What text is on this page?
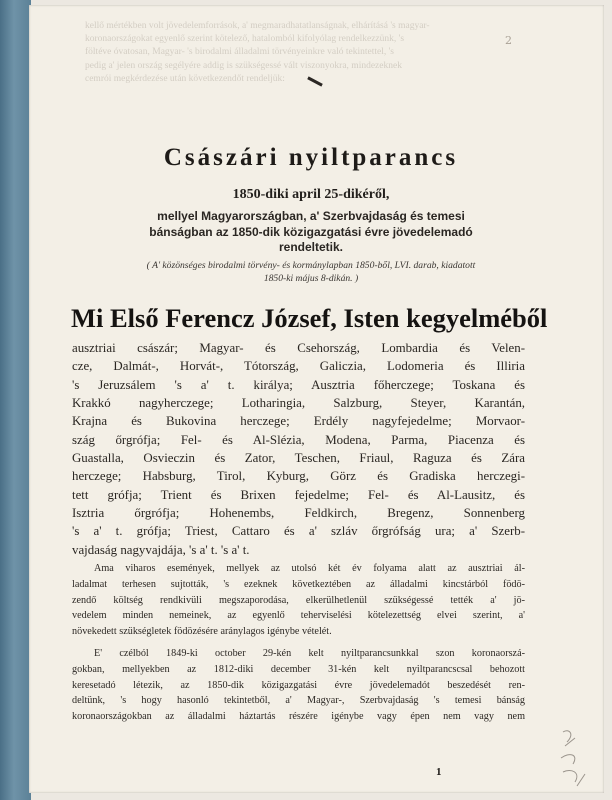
kellő mértékben volt jövedelemforrások, a' megmaradhatatlanságnak, elhárításá 's magyar-
koronaországokat egyenlő szerint kötelező, hatalomból kifolyólag rendelkezzünk, 's
föltéve óvatosan, Magyar- 's birodalmi álladalmi törvényeinkre való tekintettel, 's
pedig a' jelen ország segélyére addig is szükségessé vált viszonyokra, mindezeknek
cemrói megkérdezése után következendőt rendeljük:
2
Császári nyiltparancs
1850-diki april 25-dikéről,
mellyel Magyarországban, a' Szerbvajdaság és temesi
bánságban az 1850-dik közigazgatási évre jövedelemadó
rendeltetik.
( A' közönséges birodalmi törvény- és kormánylapban 1850-ből, LVI. darab, kiadatott
1850-ki május 8-dikán. )
Mi Első Ferencz József, Isten kegyelméből
ausztriai császár; Magyar- és Csehország, Lombardia és Velen-
cze, Dalmát-, Horvát-, Tótország, Galiczia, Lodomeria és Illiria
's Jeruzsálem 's a' t. királya; Ausztria főherczege; Toskana és
Krakkó nagyherczege; Lotharingia, Salzburg, Steyer, Karantán,
Krajna és Bukovina herczege; Erdély nagyfejedelme; Morvaor-
szág őrgrófja; Fel- és Al-Slézia, Modena, Parma, Piacenza és
Guastalla, Osvieczin és Zator, Teschen, Friaul, Raguza és Zára
herczege; Habsburg, Tirol, Kyburg, Görz és Gradiska herczegi-
tett grófja; Trient és Brixen fejedelme; Fel- és Al-Lausitz, és
Isztria őrgrófja; Hohenembs, Feldkirch, Bregenz, Sonnenberg
's a' t. grófja; Triest, Cattaro és a' szláv őrgrófság ura; a' Szerb-
vajdaság nagyvajdája, 's a' t. 's a' t.
Ama viharos események, mellyek az utolsó két év folyama alatt az ausztriai ál-
ladalmat terhesen sujtották, 's ezeknek következtében az álladalmi kincstárból födö-
zendő költség rendkivüli megszaporodása, elkerülhetlenül szükségessé tették a' jö-
vedelem minden nemeinek, az egyenlő teherviselési kötelezettség elvei szerint, a'
növekedett szükségletek födözésére aránylagos igénybe vételét.
E' czélból 1849-ki october 29-kén kelt nyiltparancsunkkal szon koronaorszá-
gokban, mellyekben az 1812-diki december 31-kén kelt nyiltparancscsal behozott
keresetadó létezik, az 1850-dik közigazgatási évre jövedelemadót beszedését ren-
deltünk, 's hogy hasonló tekintetből, a' Magyar-, Szerbvajdaság 's temesi bánság
koronaországokban az álladalmi háztartás részére igénybe vagy épen nem vagy nem
1
